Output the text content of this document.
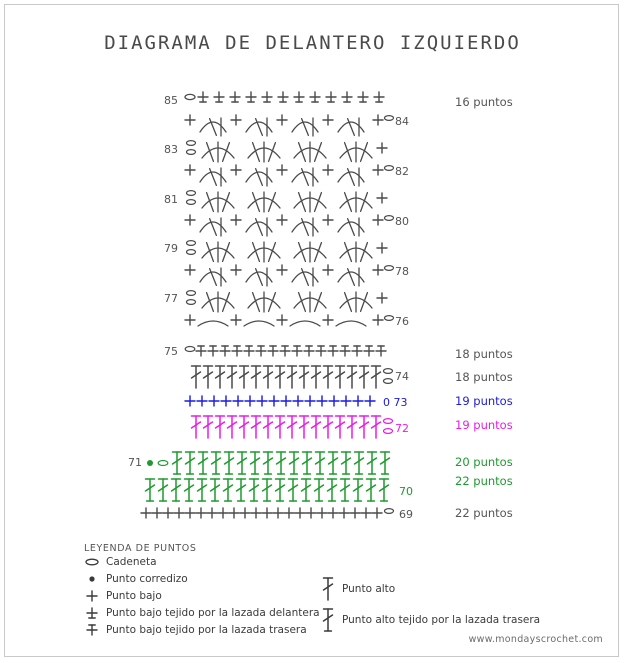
DIAGRAMA DE DELANTERO IZQUIERDO
85
83
81
79
77
75
71
84
82
80
78
76
74
0 73
72
70
69
16 puntos
18 puntos
18 puntos
19 puntos
19 puntos
20 puntos
22 puntos
22 puntos
LEYENDA DE PUNTOS
Cadeneta
Punto corredizo
Punto bajo
Punto bajo tejido por la lazada delantera
Punto bajo tejido por la lazada trasera
Punto alto
Punto alto tejido por la lazada trasera
www.mondayscrochet.com
